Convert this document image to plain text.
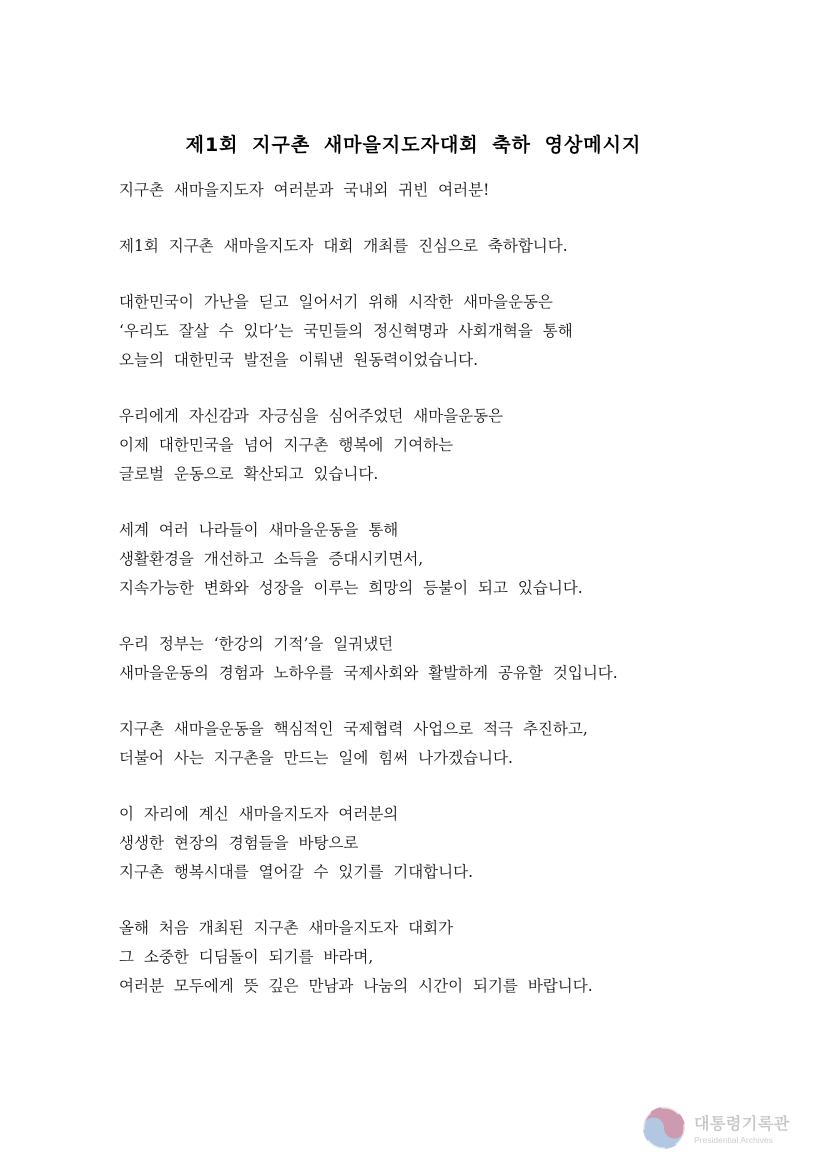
제1회 지구촌 새마을지도자대회 축하 영상메시지
지구촌 새마을지도자 여러분과 국내외 귀빈 여러분!
제1회 지구촌 새마을지도자 대회 개최를 진심으로 축하합니다.
대한민국이 가난을 딛고 일어서기 위해 시작한 새마을운동은
‘우리도 잘살 수 있다’는 국민들의 정신혁명과 사회개혁을 통해
오늘의 대한민국 발전을 이뤄낸 원동력이었습니다.
우리에게 자신감과 자긍심을 심어주었던 새마을운동은
이제 대한민국을 넘어 지구촌 행복에 기여하는
글로벌 운동으로 확산되고 있습니다.
세계 여러 나라들이 새마을운동을 통해
생활환경을 개선하고 소득을 증대시키면서,
지속가능한 변화와 성장을 이루는 희망의 등불이 되고 있습니다.
우리 정부는 ‘한강의 기적’을 일궈냈던
새마을운동의 경험과 노하우를 국제사회와 활발하게 공유할 것입니다.
지구촌 새마을운동을 핵심적인 국제협력 사업으로 적극 추진하고,
더불어 사는 지구촌을 만드는 일에 힘써 나가겠습니다.
이 자리에 계신 새마을지도자 여러분의
생생한 현장의 경험들을 바탕으로
지구촌 행복시대를 열어갈 수 있기를 기대합니다.
올해 처음 개최된 지구촌 새마을지도자 대회가
그 소중한 디딤돌이 되기를 바라며,
여러분 모두에게 뜻 깊은 만남과 나눔의 시간이 되기를 바랍니다.
대통령기록관
Presidential Archives
